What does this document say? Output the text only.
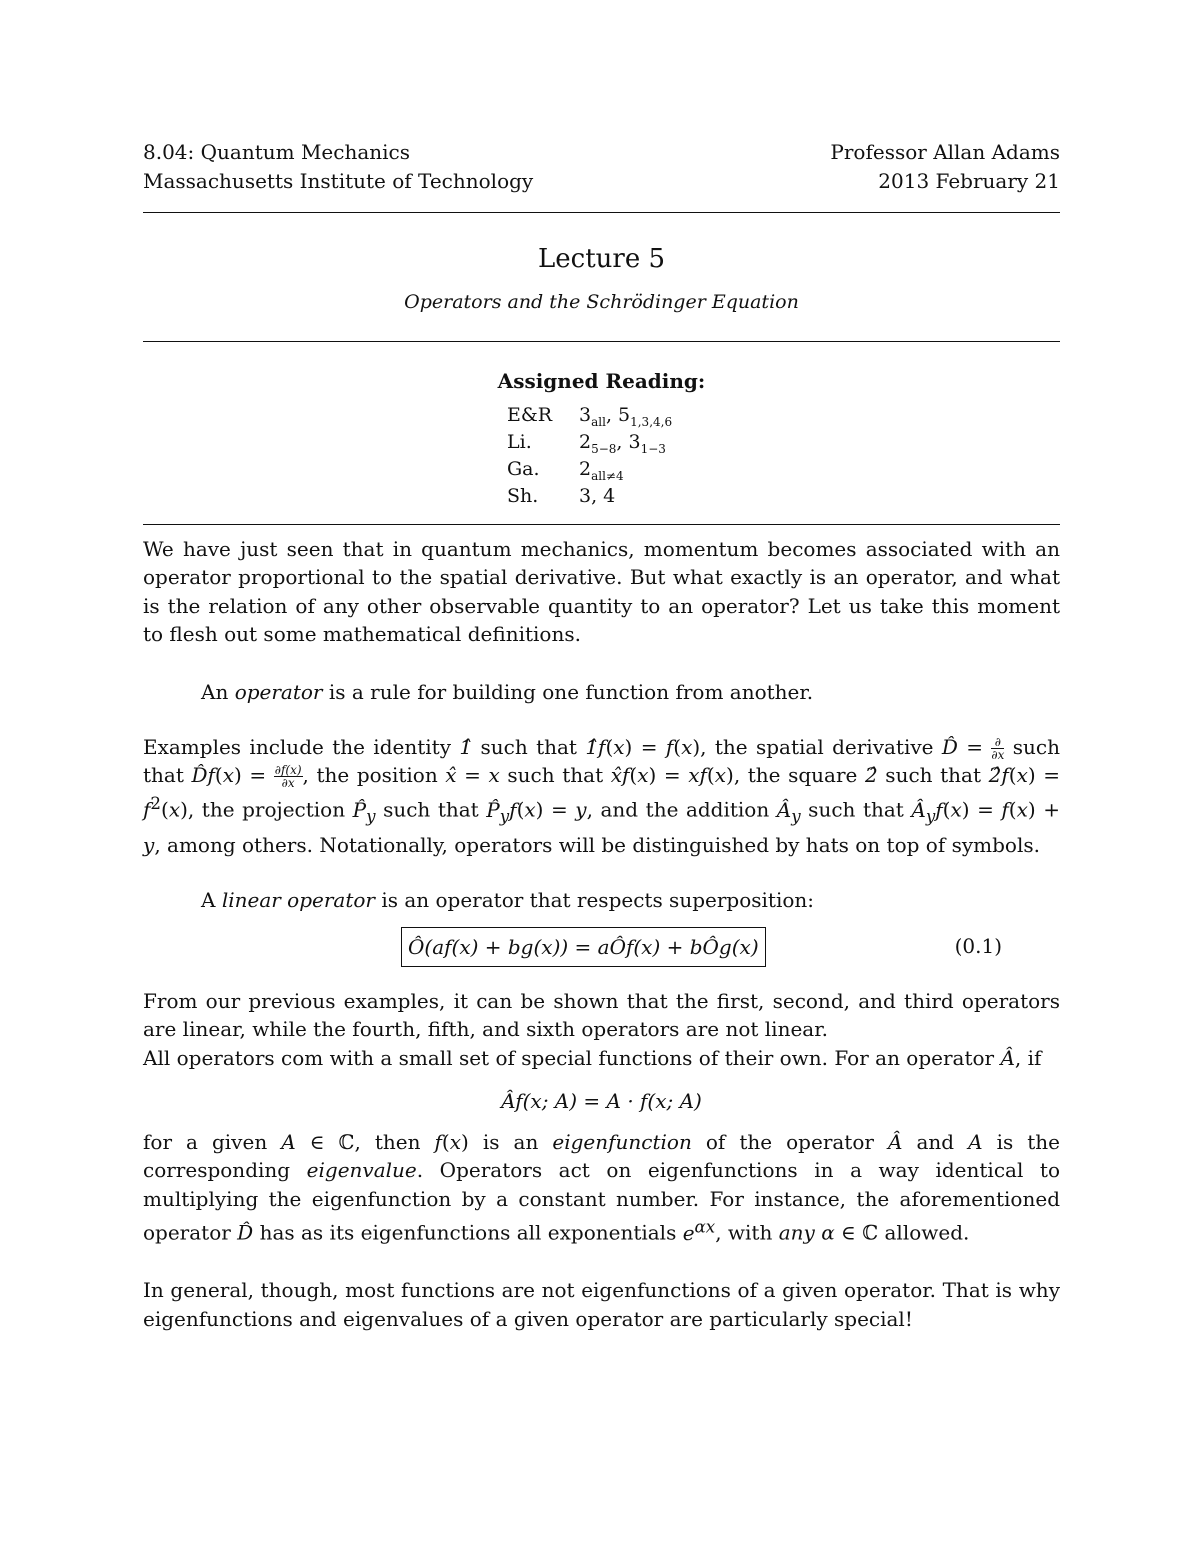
8.04: Quantum Mechanics	Professor Allan Adams
Massachusetts Institute of Technology	2013 February 21
Lecture 5
Operators and the Schrödinger Equation
Assigned Reading:
E&R	$3_{all}$, $5_{1,3,4,6}$
Li.	$2_{5-8}$, $3_{1-3}$
Ga.	$2_{all\ne 4}$
Sh.	3, 4

We have just seen that in quantum mechanics, momentum becomes associated with an operator proportional to the spatial derivative. But what exactly is an operator, and what is the relation of any other observable quantity to an operator? Let us take this moment to flesh out some mathematical definitions.

An operator is a rule for building one function from another.

Examples include the identity 1̂ such that 1̂f(x) = f(x), the spatial derivative D̂ = $\frac{\partial}{\partial x}$ such that D̂f(x) = $\frac{\partial f(x)}{\partial x}$ , the position x̂ = x such that x̂f(x) = xf(x), the square 2̂ such that 2̂f(x) = $f^2(x)$, the projection $P̂_y$ such that $P̂_yf(x) = y$, and the addition $Â_y$ such that $Â_yf(x) = f(x) + y$, among others. Notationally, operators will be distinguished by hats on top of symbols.

A linear operator is an operator that respects superposition:

Ô(af(x) + bg(x)) = aÔf(x) + bÔg(x)	(0.1)

From our previous examples, it can be shown that the first, second, and third operators are linear, while the fourth, fifth, and sixth operators are not linear.

All operators com with a small set of special functions of their own. For an operator Â, if

Âf(x; A) = A · f(x; A)

for a given A ∈ ℂ, then f(x) is an eigenfunction of the operator Â and A is the corresponding eigenvalue. Operators act on eigenfunctions in a way identical to multiplying the eigenfunction by a constant number. For instance, the aforementioned operator D̂ has as its eigenfunctions all exponentials $e^{\alpha x}$, with any α ∈ ℂ allowed.

In general, though, most functions are not eigenfunctions of a given operator. That is why eigenfunctions and eigenvalues of a given operator are particularly special!
